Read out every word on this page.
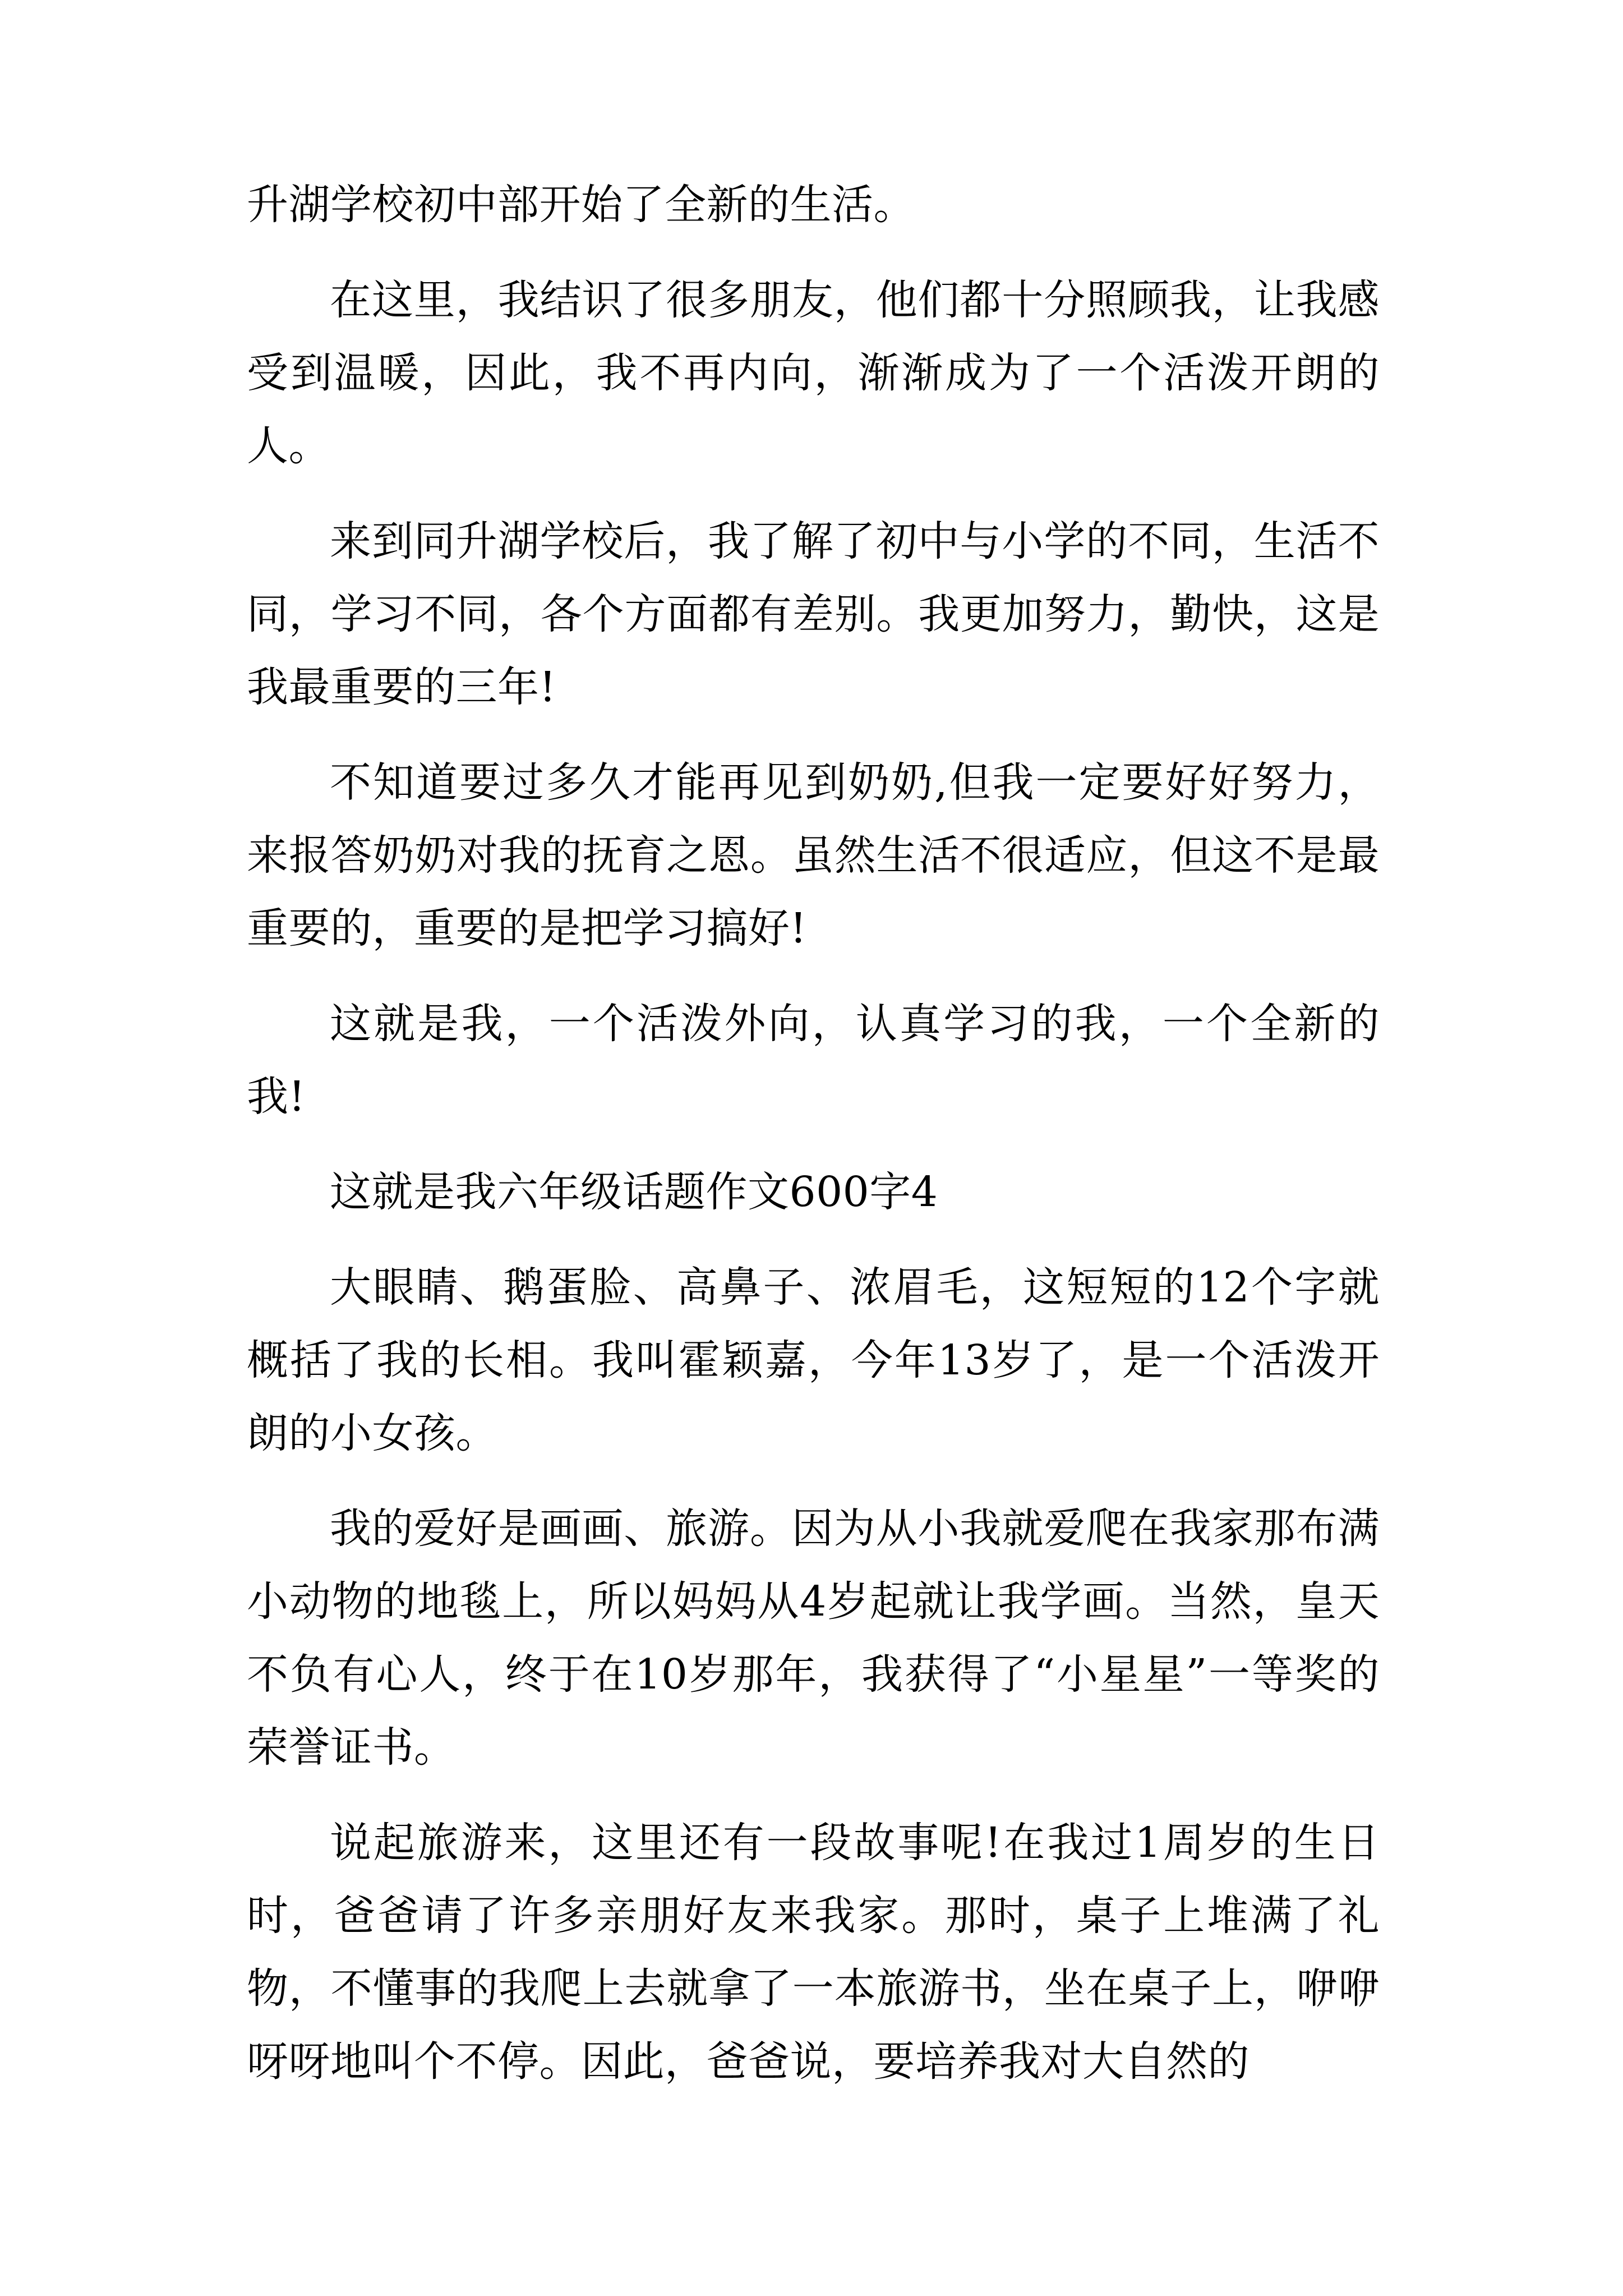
升湖学校初中部开始了全新的生活。

在这里，我结识了很多朋友，他们都十分照顾我，让我感受到温暖，因此，我不再内向，渐渐成为了一个活泼开朗的人。

来到同升湖学校后，我了解了初中与小学的不同，生活不同，学习不同，各个方面都有差别。我更加努力，勤快，这是我最重要的三年!

不知道要过多久才能再见到奶奶,但我一定要好好努力，来报答奶奶对我的抚育之恩。虽然生活不很适应，但这不是最重要的，重要的是把学习搞好!

这就是我，一个活泼外向，认真学习的我，一个全新的我!

这就是我六年级话题作文600字4

大眼睛、鹅蛋脸、高鼻子、浓眉毛，这短短的12个字就概括了我的长相。我叫霍颖嘉，今年13岁了，是一个活泼开朗的小女孩。

我的爱好是画画、旅游。因为从小我就爱爬在我家那布满小动物的地毯上，所以妈妈从4岁起就让我学画。当然，皇天不负有心人，终于在10岁那年，我获得了“小星星”一等奖的荣誉证书。

说起旅游来，这里还有一段故事呢!在我过1周岁的生日时，爸爸请了许多亲朋好友来我家。那时，桌子上堆满了礼物，不懂事的我爬上去就拿了一本旅游书，坐在桌子上，咿咿呀呀地叫个不停。因此，爸爸说，要培养我对大自然的
